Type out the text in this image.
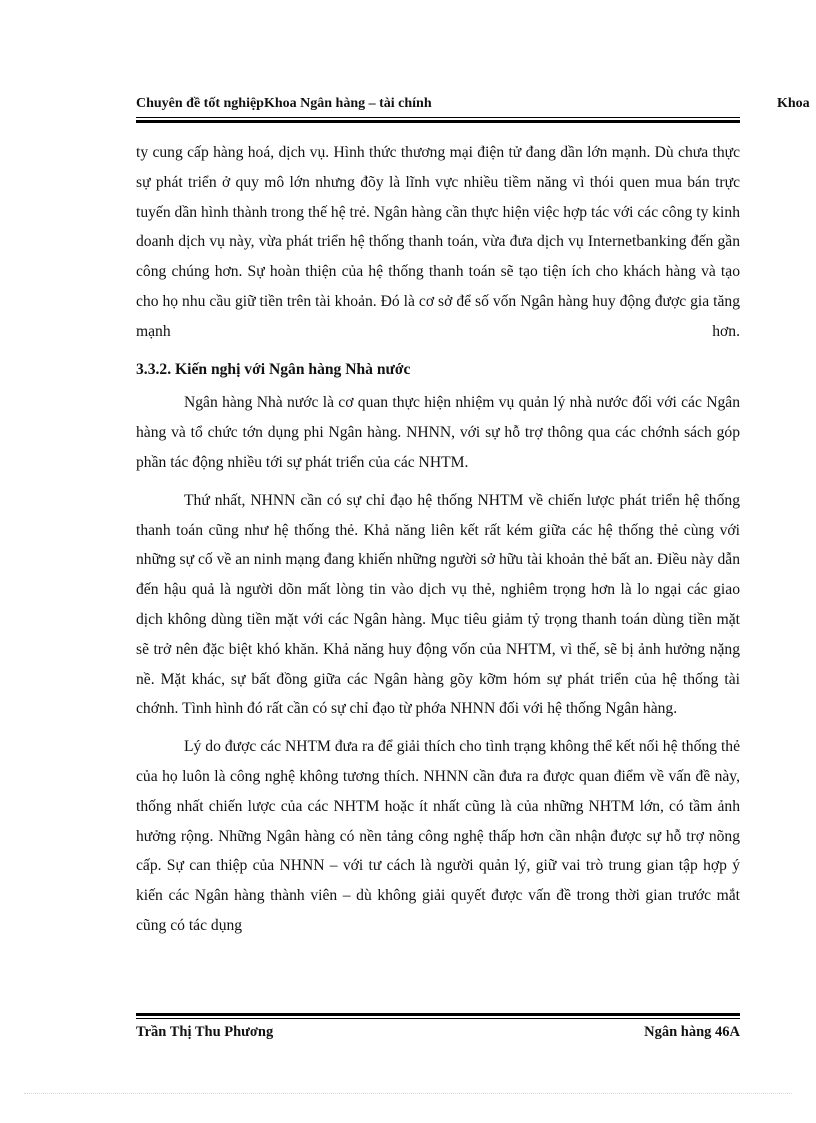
Chuyên đề tốt nghiệpKhoa Ngân hàng – tài chính	Khoa

ty cung cấp hàng hoá, dịch vụ. Hình thức thương mại điện tử đang dần lớn mạnh. Dù chưa thực sự phát triển ở quy mô lớn nhưng đõy là lĩnh vực nhiều tiềm năng vì thói quen mua bán trực tuyến dần hình thành trong thế hệ trẻ. Ngân hàng cần thực hiện việc hợp tác với các công ty kinh doanh dịch vụ này, vừa phát triển hệ thống thanh toán, vừa đưa dịch vụ Internetbanking đến gần công chúng hơn. Sự hoàn thiện của hệ thống thanh toán sẽ tạo tiện ích cho khách hàng và tạo cho họ nhu cầu giữ tiền trên tài khoản. Đó là cơ sở để số vốn Ngân hàng huy động được gia tăng mạnh hơn.

3.3.2. Kiến nghị với Ngân hàng Nhà nước

Ngân hàng Nhà nước là cơ quan thực hiện nhiệm vụ quản lý nhà nước đối với các Ngân hàng và tổ chức tớn dụng phi Ngân hàng. NHNN, với sự hỗ trợ thông qua các chớnh sách góp phần tác động nhiều tới sự phát triển của các NHTM.

Thứ nhất, NHNN cần có sự chỉ đạo hệ thống NHTM về chiến lược phát triển hệ thống thanh toán cũng như hệ thống thẻ. Khả năng liên kết rất kém giữa các hệ thống thẻ cùng với những sự cố về an ninh mạng đang khiến những người sở hữu tài khoản thẻ bất an. Điều này dẫn đến hậu quả là người dõn mất lòng tin vào dịch vụ thẻ, nghiêm trọng hơn là lo ngại các giao dịch không dùng tiền mặt với các Ngân hàng. Mục tiêu giảm tỷ trọng thanh toán dùng tiền mặt sẽ trở nên đặc biệt khó khăn. Khả năng huy động vốn của NHTM, vì thế, sẽ bị ảnh hưởng nặng nề. Mặt khác, sự bất đồng giữa các Ngân hàng gõy kỡm hóm sự phát triển của hệ thống tài chớnh. Tình hình đó rất cần có sự chỉ đạo từ phớa NHNN đối với hệ thống Ngân hàng.

Lý do được các NHTM đưa ra để giải thích cho tình trạng không thể kết nối hệ thống thẻ của họ luôn là công nghệ không tương thích. NHNN cần đưa ra được quan điểm về vấn đề này, thống nhất chiến lược của các NHTM hoặc ít nhất cũng là của những NHTM lớn, có tầm ảnh hưởng rộng. Những Ngân hàng có nền tảng công nghệ thấp hơn cần nhận được sự hỗ trợ nõng cấp. Sự can thiệp của NHNN – với tư cách là người quản lý, giữ vai trò trung gian tập hợp ý kiến các Ngân hàng thành viên – dù không giải quyết được vấn đề trong thời gian trước mắt cũng có tác dụng

Trần Thị Thu Phương	Ngân hàng 46A
